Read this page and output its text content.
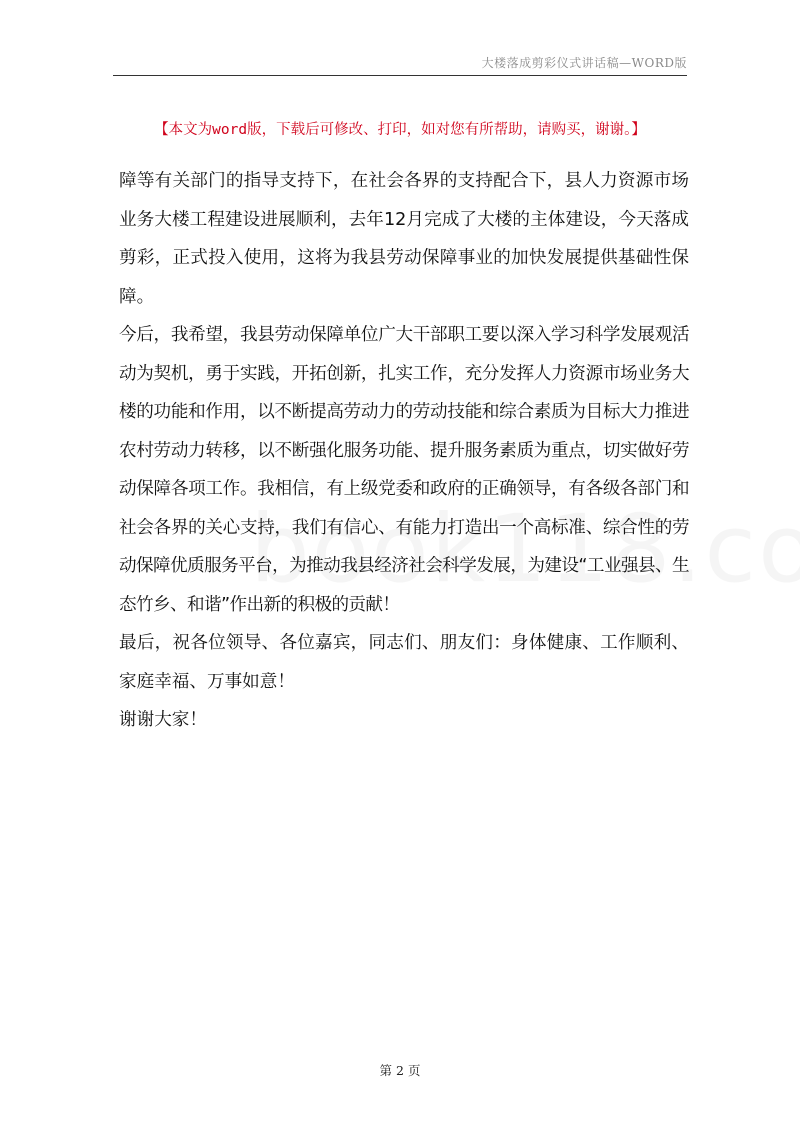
大楼落成剪彩仪式讲话稿—WORD版
【本文为word版，下载后可修改、打印，如对您有所帮助，请购买，谢谢。】

障等有关部门的指导支持下，在社会各界的支持配合下，县人力资源市场业务大楼工程建设进展顺利，去年12月完成了大楼的主体建设，今天落成剪彩，正式投入使用，这将为我县劳动保障事业的加快发展提供基础性保障。

今后，我希望，我县劳动保障单位广大干部职工要以深入学习科学发展观活动为契机，勇于实践，开拓创新，扎实工作，充分发挥人力资源市场业务大楼的功能和作用，以不断提高劳动力的劳动技能和综合素质为目标大力推进农村劳动力转移，以不断强化服务功能、提升服务素质为重点，切实做好劳动保障各项工作。我相信，有上级党委和政府的正确领导，有各级各部门和社会各界的关心支持，我们有信心、有能力打造出一个高标准、综合性的劳动保障优质服务平台，为推动我县经济社会科学发展，为建设“工业强县、生态竹乡、和谐”作出新的积极的贡献！

最后，祝各位领导、各位嘉宾，同志们、朋友们：身体健康、工作顺利、家庭幸福、万事如意！

谢谢大家！

第 2 页
